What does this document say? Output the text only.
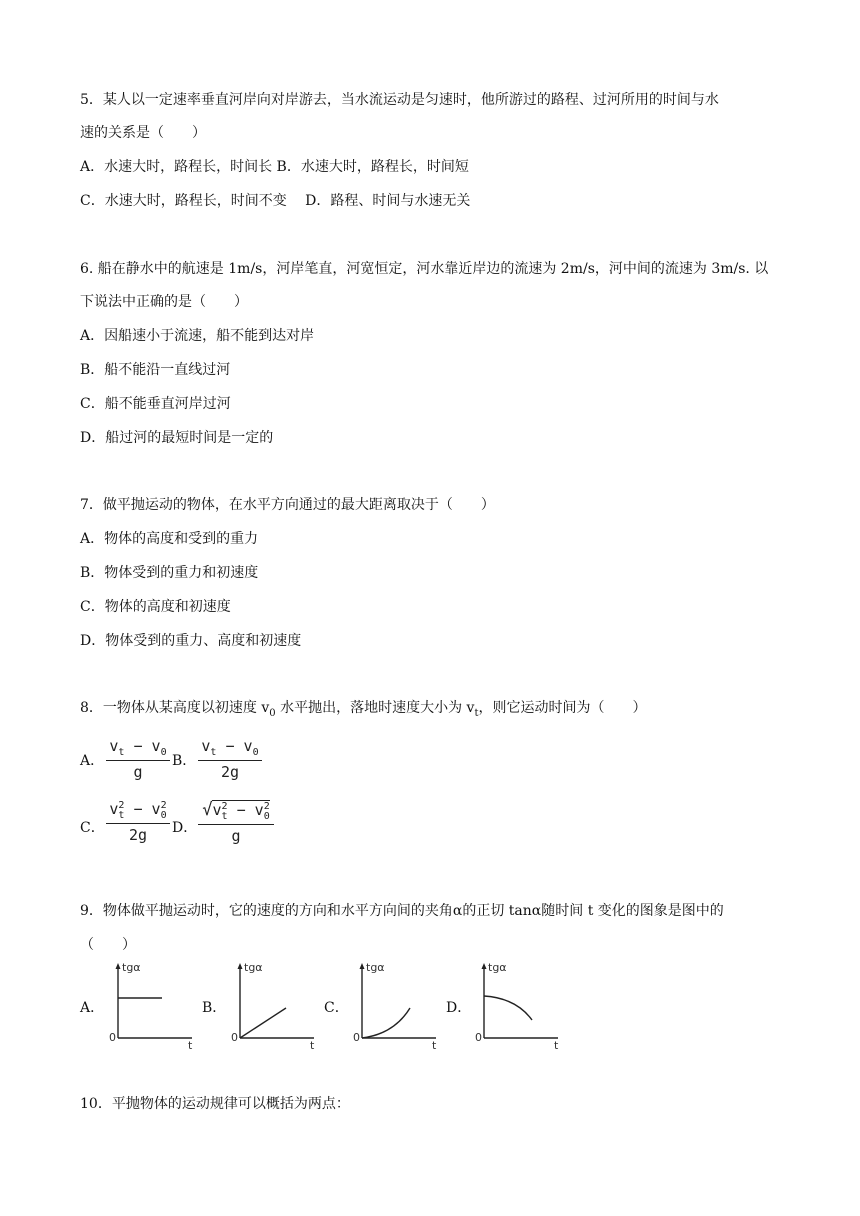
5．某人以一定速率垂直河岸向对岸游去，当水流运动是匀速时，他所游过的路程、过河所用的时间与水
速的关系是（　　）
A．水速大时，路程长，时间长 B．水速大时，路程长，时间短
C．水速大时，路程长，时间不变　 D．路程、时间与水速无关
6. 船在静水中的航速是 1m/s，河岸笔直，河宽恒定，河水靠近岸边的流速为 2m/s，河中间的流速为 3m/s. 以
下说法中正确的是（　　）
A．因船速小于流速，船不能到达对岸
B．船不能沿一直线过河
C．船不能垂直河岸过河
D．船过河的最短时间是一定的
7．做平抛运动的物体，在水平方向通过的最大距离取决于（　　）
A．物体的高度和受到的重力
B．物体受到的重力和初速度
C．物体的高度和初速度
D．物体受到的重力、高度和初速度
8．一物体从某高度以初速度 $v_0$ 水平抛出，落地时速度大小为 $v_t$，则它运动时间为（　　）
A．
$v_t - v_0$
g
B．
$v_t - v_0$
2g
C．
$v^2_t - v^2_0$
2g	D．
$√v^2_t - v^2_0$
g
9．物体做平抛运动时，它的速度的方向和水平方向间的夹角α的正切 tanα随时间 t 变化的图象是图中的
（　　）
A．
tgα
0
t
B．
tgα
0
t
C．
tgα
0
t
D．
tgα
0
t
10．平抛物体的运动规律可以概括为两点：
